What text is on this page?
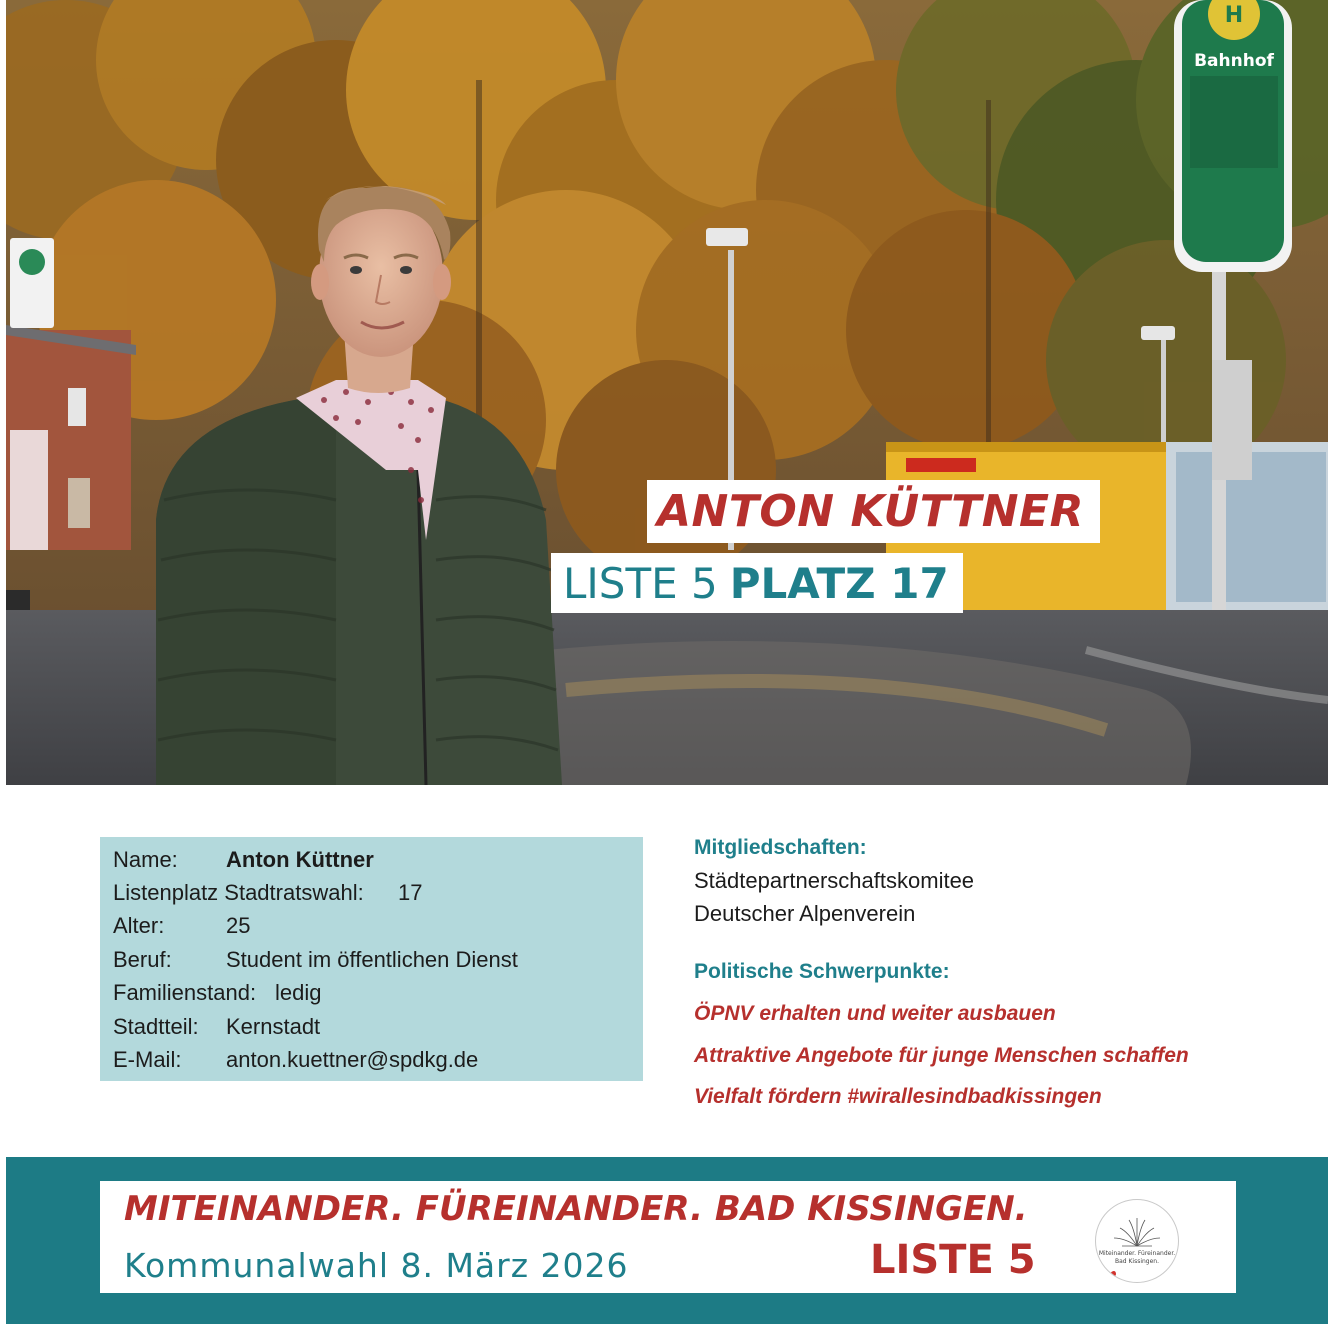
H
Bahnhof
ANTON KÜTTNER
LISTE 5 PLATZ 17
Name: Anton Küttner
Listenplatz Stadtratswahl: 17
Alter:	25
Beruf: Student im öffentlichen Dienst
Familienstand: ledig
Stadtteil: Kernstadt
E-Mail: anton.kuettner@spdkg.de
Mitgliedschaften:
Städtepartnerschaftskomitee
Deutscher Alpenverein
Politische Schwerpunkte:
ÖPNV erhalten und weiter ausbauen
Attraktive Angebote für junge Menschen schaffen
Vielfalt fördern #wirallesindbadkissingen
MITEINANDER. FÜREINANDER. BAD KISSINGEN.
Kommunalwahl 8. März 2026	LISTE 5	Miteinander. Füreinander.
Bad Kissingen.
